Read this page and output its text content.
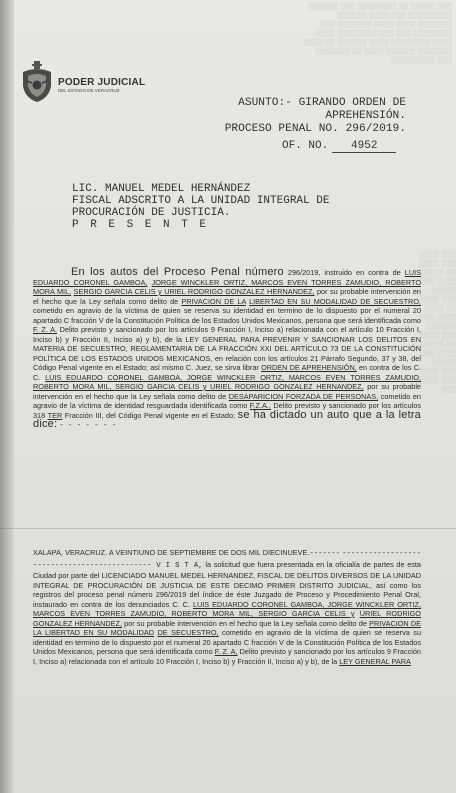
▒▒▒ ▒▒▒▒▒ ▒▒ ▒▒▒▒▒▒▒▒ ▒▒▒ ▒▒▒▒▒▒ ▒▒▒▒▒▒▒▒▒ ▒▒▒ ▒▒▒▒ ▒▒▒▒▒▒ ▒▒▒▒▒▒▒ ▒▒▒▒ ▒▒▒▒ ▒▒▒▒▒▒▒ ▒▒▒ ▒▒▒▒▒▒▒▒ ▒▒▒ ▒▒▒ ▒▒▒▒▒▒▒▒ ▒▒▒▒ ▒▒▒▒ ▒▒▒▒▒▒▒▒ ▒▒▒▒ ▒▒▒▒▒▒ ▒▒ ▒▒▒▒ ▒▒▒▒▒▒▒ ▒▒▒▒▒▒ ▒▒▒▒ ▒▒ ▒▒▒▒▒▒▒ ▒▒▒ ▒▒▒▒▒▒▒▒▒
▒▒▒ ▒▒▒▒ ▒▒▒ ▒▒▒▒ ▒▒ ▒▒▒▒▒ ▒▒▒▒ ▒▒▒ ▒▒▒▒▒ ▒▒▒ ▒▒▒▒ ▒▒ ▒▒▒▒ ▒▒▒▒ ▒▒▒ ▒▒▒▒▒▒ ▒▒▒ ▒▒▒▒ ▒▒ ▒▒▒▒▒ ▒▒▒▒ ▒▒▒ ▒▒▒▒▒ ▒▒▒ ▒▒▒▒ ▒▒▒ ▒▒▒▒ ▒▒▒
PODER JUDICIAL
DEL ESTADO DE VERACRUZ
ASUNTO:- GIRANDO ORDEN DE
APREHENSIÓN.
PROCESO PENAL NO. 296/2019.
OF. NO. 4952
LIC. MANUEL MEDEL HERNÁNDEZ
FISCAL ADSCRITO A LA UNIDAD INTEGRAL DE
PROCURACIÓN DE JUSTICIA.
P R E S E N T E
En los autos del Proceso Penal número 296/2019, instruido en contra de LUIS EDUARDO CORONEL GAMBOA, JORGE WINCKLER ORTIZ, MARCOS EVEN TORRES ZAMUDIO, ROBERTO MORA MIL, SERGIO GARCIA CELIS y URIEL RODRIGO GONZALEZ HERNANDEZ, por su probable intervención en el hecho que la Ley señala como delito de PRIVACION DE LA LIBERTAD EN SU MODALIDAD DE SECUESTRO, cometido en agravio de la víctima de quien se reserva su identidad en termino de lo dispuesto por el numeral 20 apartado C fracción V de la Constitución Política de los Estados Unidos Mexicanos, persona que será identificada como F. Z. A. Delito previsto y sancionado por los artículos 9 Fracción I, Inciso a) relacionada con el artículo 10 Fracción I, Inciso b) y Fracción II, Inciso a) y b), de la LEY GENERAL PARA PREVENIR Y SANCIONAR LOS DELITOS EN MATERIA DE SECUESTRO, REGLAMENTARIA DE LA FRACCIÓN XXI DEL ARTÍCULO 73 DE LA CONSTITUCIÓN POLÍTICA DE LOS ESTADOS UNIDOS MEXICANOS, en relación con los artículos 21 Párrafo Segundo, 37 y 38, del Código Penal vigente en el Estado; así mismo C. Juez, se sirva librar ORDEN DE APREHENSIÓN, en contra de los C. C. LUIS EDUARDO CORONEL GAMBOA, JORGE WINCKLER ORTIZ, MARCOS EVEN TORRES ZAMUDIO, ROBERTO MORA MIL, SERGIO GARCIA CELIS y URIEL RODRIGO GONZALEZ HERNANDEZ, por su probable intervención en el hecho que la Ley señala como delito de DESAPARICION FORZADA DE PERSONAS, cometido en agravio de la víctima de identidad resguardada identificada como F.Z.A., Delito previsto y sancionado por los artículos 318 TER Fracción III, del Código Penal vigente en el Estado; se ha dictado un auto que a la letra dice: - - - - - - -
XALAPA, VERACRUZ. A VEINTIUNO DE SEPTIEMBRE DE DOS MIL DIECINUEVE.------- --------------------------------------------- V I S T A, la solicitud que fuera presentada en la oficialía de partes de esta Ciudad por parte del LICENCIADO MANUEL MEDEL HERNANDEZ, FISCAL DE DELITOS DIVERSOS DE LA UNIDAD INTEGRAL DE PROCURACIÓN DE JUSTICIA DE ESTE DECIMO PRIMER DISTRITO JUDICIAL, así como los registros del proceso penal número 296/2019 del índice de éste Juzgado de Proceso y Procedimiento Penal Oral, instaurado en contra de los denunciados C. C. LUIS EDUARDO CORONEL GAMBOA, JORGE WINCKLER ORTIZ, MARCOS EVEN TORRES ZAMUDIO, ROBERTO MORA MIL, SERGIO GARCIA CELIS y URIEL RODRIGO GONZALEZ HERNANDEZ, por su probable intervención en el hecho que la Ley señala como delito de PRIVACION DE LA LIBERTAD EN SU MODALIDAD DE SECUESTRO, cometido en agravio de la víctima de quien se reserva su identidad en termino de lo dispuesto por el numeral 20 apartado C fracción V de la Constitución Política de los Estados Unidos Mexicanos, persona que será identificada como F. Z. A, Delito previsto y sancionado por los artículos 9 Fracción I, Inciso a) relacionada con el artículo 10 Fracción I, Inciso b) y Fracción II, Inciso a) y b), de la LEY GENERAL PARA
